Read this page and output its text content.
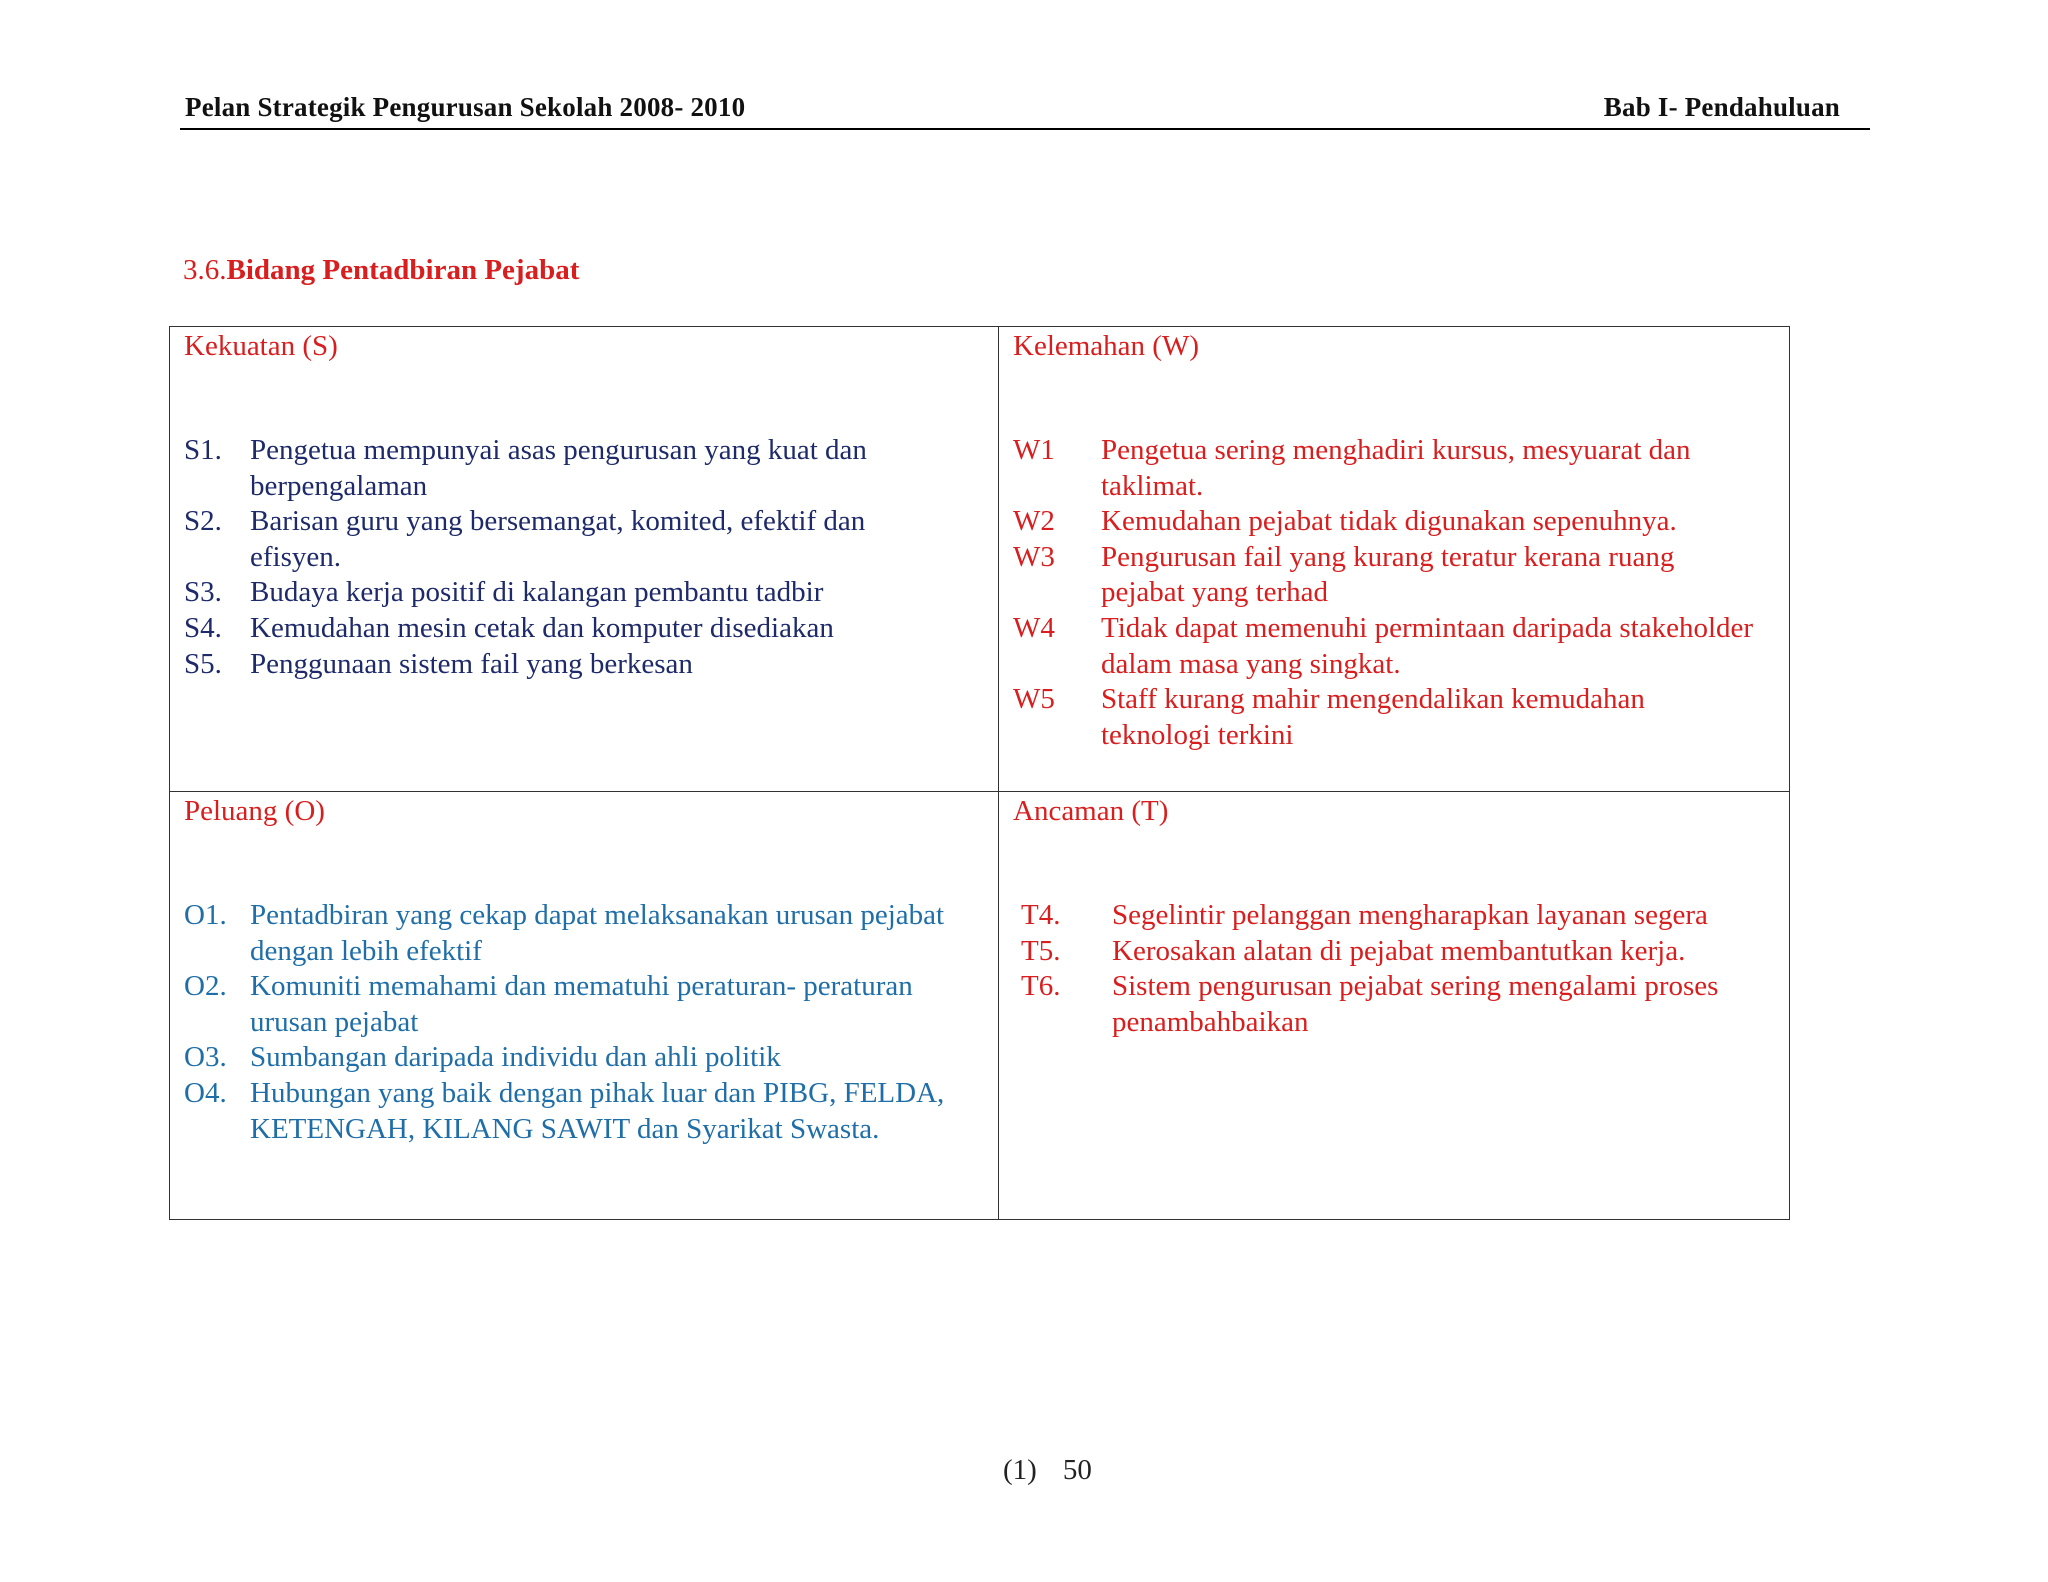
Pelan Strategik Pengurusan Sekolah 2008- 2010	Bab I- Pendahuluan
3.6.Bidang Pentadbiran Pejabat
Kekuatan (S)
S1. Pengetua mempunyai asas pengurusan yang kuat dan berpengalaman
S2. Barisan guru yang bersemangat, komited, efektif dan efisyen.
S3. Budaya kerja positif di kalangan pembantu tadbir
S4. Kemudahan mesin cetak dan komputer disediakan
S5. Penggunaan sistem fail yang berkesan
Kelemahan (W)
W1	Pengetua sering menghadiri kursus, mesyuarat dan taklimat.
W2	Kemudahan pejabat tidak digunakan sepenuhnya.
W3	Pengurusan fail yang kurang teratur kerana ruang pejabat yang terhad
W4	Tidak dapat memenuhi permintaan daripada stakeholder dalam masa yang singkat.
W5	Staff kurang mahir mengendalikan kemudahan teknologi terkini
Peluang (O)
O1. Pentadbiran yang cekap dapat melaksanakan urusan pejabat dengan lebih efektif
O2. Komuniti memahami dan mematuhi peraturan- peraturan urusan pejabat
O3. Sumbangan daripada individu dan ahli politik
O4. Hubungan yang baik dengan pihak luar dan PIBG, FELDA, KETENGAH, KILANG SAWIT dan Syarikat Swasta.
Ancaman (T)
T4.	Segelintir pelanggan mengharapkan layanan segera
T5.	Kerosakan alatan di pejabat membantutkan kerja.
T6.	Sistem pengurusan pejabat sering mengalami proses penambahbaikan
(1) 50
